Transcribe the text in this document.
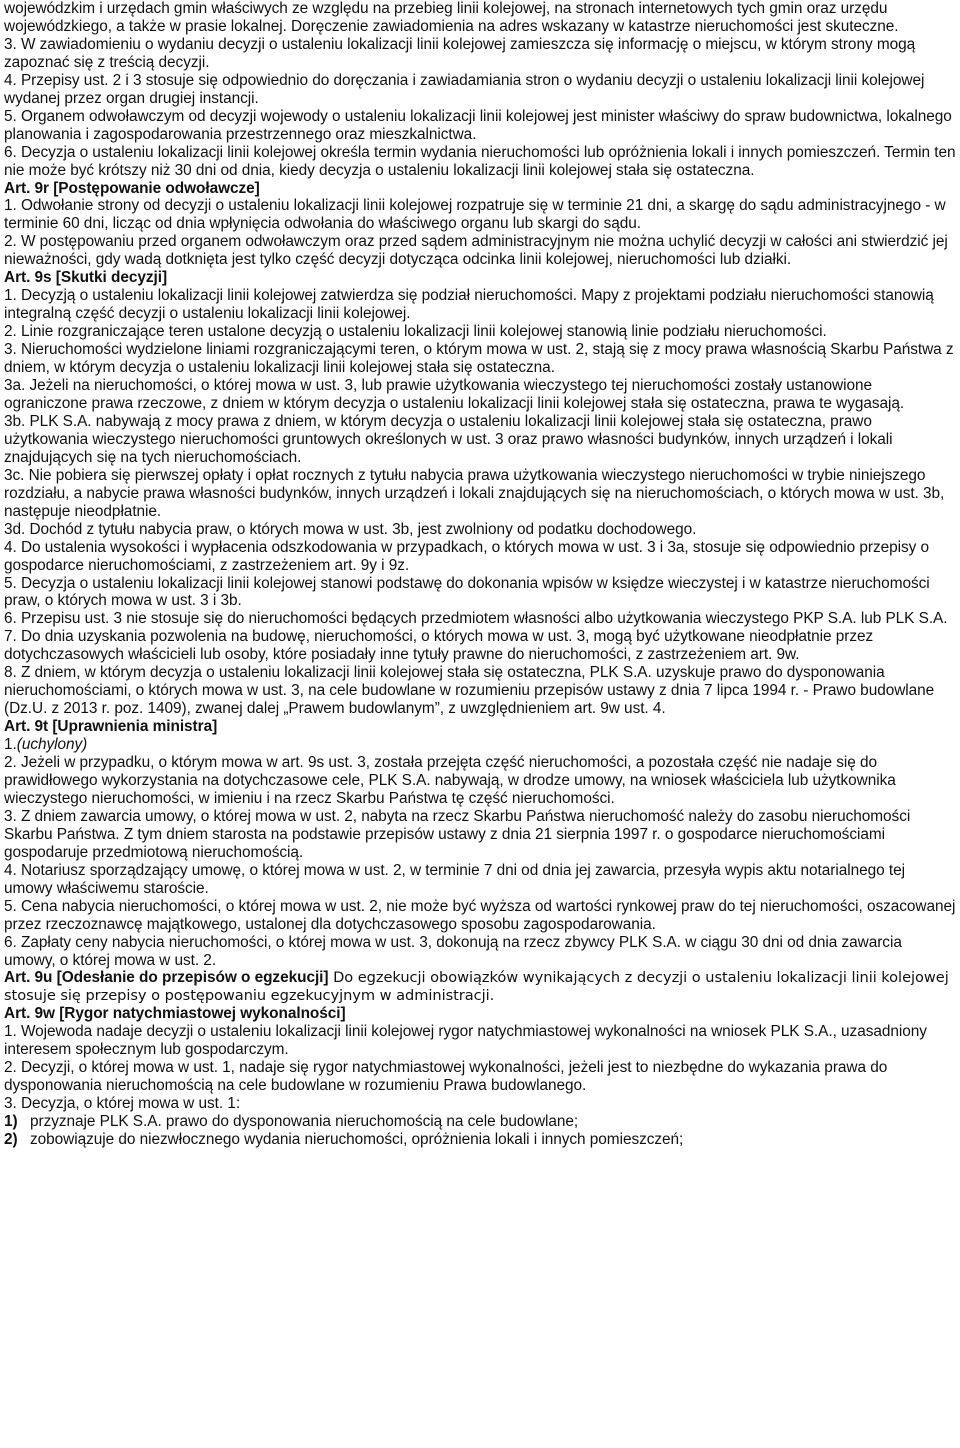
wojewódzkim i urzędach gmin właściwych ze względu na przebieg linii kolejowej, na stronach internetowych tych gmin oraz urzędu wojewódzkiego, a także w prasie lokalnej. Doręczenie zawiadomienia na adres wskazany w katastrze nieruchomości jest skuteczne.

3. W zawiadomieniu o wydaniu decyzji o ustaleniu lokalizacji linii kolejowej zamieszcza się informację o miejscu, w którym strony mogą zapoznać się z treścią decyzji.

4. Przepisy ust. 2 i 3 stosuje się odpowiednio do doręczania i zawiadamiania stron o wydaniu decyzji o ustaleniu lokalizacji linii kolejowej wydanej przez organ drugiej instancji.

5. Organem odwoławczym od decyzji wojewody o ustaleniu lokalizacji linii kolejowej jest minister właściwy do spraw budownictwa, lokalnego planowania i zagospodarowania przestrzennego oraz mieszkalnictwa.

6. Decyzja o ustaleniu lokalizacji linii kolejowej określa termin wydania nieruchomości lub opróżnienia lokali i innych pomieszczeń. Termin ten nie może być krótszy niż 30 dni od dnia, kiedy decyzja o ustaleniu lokalizacji linii kolejowej stała się ostateczna.

Art. 9r [Postępowanie odwoławcze]

1. Odwołanie strony od decyzji o ustaleniu lokalizacji linii kolejowej rozpatruje się w terminie 21 dni, a skargę do sądu administracyjnego - w terminie 60 dni, licząc od dnia wpłynięcia odwołania do właściwego organu lub skargi do sądu.

2. W postępowaniu przed organem odwoławczym oraz przed sądem administracyjnym nie można uchylić decyzji w całości ani stwierdzić jej nieważności, gdy wadą dotknięta jest tylko część decyzji dotycząca odcinka linii kolejowej, nieruchomości lub działki.

Art. 9s [Skutki decyzji]

1. Decyzją o ustaleniu lokalizacji linii kolejowej zatwierdza się podział nieruchomości. Mapy z projektami podziału nieruchomości stanowią integralną część decyzji o ustaleniu lokalizacji linii kolejowej.

2. Linie rozgraniczające teren ustalone decyzją o ustaleniu lokalizacji linii kolejowej stanowią linie podziału nieruchomości.

3. Nieruchomości wydzielone liniami rozgraniczającymi teren, o którym mowa w ust. 2, stają się z mocy prawa własnością Skarbu Państwa z dniem, w którym decyzja o ustaleniu lokalizacji linii kolejowej stała się ostateczna.

3a. Jeżeli na nieruchomości, o której mowa w ust. 3, lub prawie użytkowania wieczystego tej nieruchomości zostały ustanowione ograniczone prawa rzeczowe, z dniem w którym decyzja o ustaleniu lokalizacji linii kolejowej stała się ostateczna, prawa te wygasają.

3b. PLK S.A. nabywają z mocy prawa z dniem, w którym decyzja o ustaleniu lokalizacji linii kolejowej stała się ostateczna, prawo użytkowania wieczystego nieruchomości gruntowych określonych w ust. 3 oraz prawo własności budynków, innych urządzeń i lokali znajdujących się na tych nieruchomościach.

3c. Nie pobiera się pierwszej opłaty i opłat rocznych z tytułu nabycia prawa użytkowania wieczystego nieruchomości w trybie niniejszego rozdziału, a nabycie prawa własności budynków, innych urządzeń i lokali znajdujących się na nieruchomościach, o których mowa w ust. 3b, następuje nieodpłatnie.

3d. Dochód z tytułu nabycia praw, o których mowa w ust. 3b, jest zwolniony od podatku dochodowego.

4. Do ustalenia wysokości i wypłacenia odszkodowania w przypadkach, o których mowa w ust. 3 i 3a, stosuje się odpowiednio przepisy o gospodarce nieruchomościami, z zastrzeżeniem art. 9y i 9z.

5. Decyzja o ustaleniu lokalizacji linii kolejowej stanowi podstawę do dokonania wpisów w księdze wieczystej i w katastrze nieruchomości praw, o których mowa w ust. 3 i 3b.

6. Przepisu ust. 3 nie stosuje się do nieruchomości będących przedmiotem własności albo użytkowania wieczystego PKP S.A. lub PLK S.A.

7. Do dnia uzyskania pozwolenia na budowę, nieruchomości, o których mowa w ust. 3, mogą być użytkowane nieodpłatnie przez dotychczasowych właścicieli lub osoby, które posiadały inne tytuły prawne do nieruchomości, z zastrzeżeniem art. 9w.

8. Z dniem, w którym decyzja o ustaleniu lokalizacji linii kolejowej stała się ostateczna, PLK S.A. uzyskuje prawo do dysponowania nieruchomościami, o których mowa w ust. 3, na cele budowlane w rozumieniu przepisów ustawy z dnia 7 lipca 1994 r. - Prawo budowlane (Dz.U. z 2013 r. poz. 1409), zwanej dalej „Prawem budowlanym”, z uwzględnieniem art. 9w ust. 4.

Art. 9t [Uprawnienia ministra]

1.(uchylony)

2. Jeżeli w przypadku, o którym mowa w art. 9s ust. 3, została przejęta część nieruchomości, a pozostała część nie nadaje się do prawidłowego wykorzystania na dotychczasowe cele, PLK S.A. nabywają, w drodze umowy, na wniosek właściciela lub użytkownika wieczystego nieruchomości, w imieniu i na rzecz Skarbu Państwa tę część nieruchomości.

3. Z dniem zawarcia umowy, o której mowa w ust. 2, nabyta na rzecz Skarbu Państwa nieruchomość należy do zasobu nieruchomości Skarbu Państwa. Z tym dniem starosta na podstawie przepisów ustawy z dnia 21 sierpnia 1997 r. o gospodarce nieruchomościami gospodaruje przedmiotową nieruchomością.

4. Notariusz sporządzający umowę, o której mowa w ust. 2, w terminie 7 dni od dnia jej zawarcia, przesyła wypis aktu notarialnego tej umowy właściwemu staroście.

5. Cena nabycia nieruchomości, o której mowa w ust. 2, nie może być wyższa od wartości rynkowej praw do tej nieruchomości, oszacowanej przez rzeczoznawcę majątkowego, ustalonej dla dotychczasowego sposobu zagospodarowania.

6. Zapłaty ceny nabycia nieruchomości, o której mowa w ust. 3, dokonują na rzecz zbywcy PLK S.A. w ciągu 30 dni od dnia zawarcia umowy, o której mowa w ust. 2.

Art. 9u [Odesłanie do przepisów o egzekucji] Do egzekucji obowiązków wynikających z decyzji o ustaleniu lokalizacji linii kolejowej stosuje się przepisy o postępowaniu egzekucyjnym w administracji.

Art. 9w [Rygor natychmiastowej wykonalności]

1. Wojewoda nadaje decyzji o ustaleniu lokalizacji linii kolejowej rygor natychmiastowej wykonalności na wniosek PLK S.A., uzasadniony interesem społecznym lub gospodarczym.

2. Decyzji, o której mowa w ust. 1, nadaje się rygor natychmiastowej wykonalności, jeżeli jest to niezbędne do wykazania prawa do dysponowania nieruchomością na cele budowlane w rozumieniu Prawa budowlanego.

3. Decyzja, o której mowa w ust. 1:

1) przyznaje PLK S.A. prawo do dysponowania nieruchomością na cele budowlane;

2) zobowiązuje do niezwłocznego wydania nieruchomości, opróżnienia lokali i innych pomieszczeń;
